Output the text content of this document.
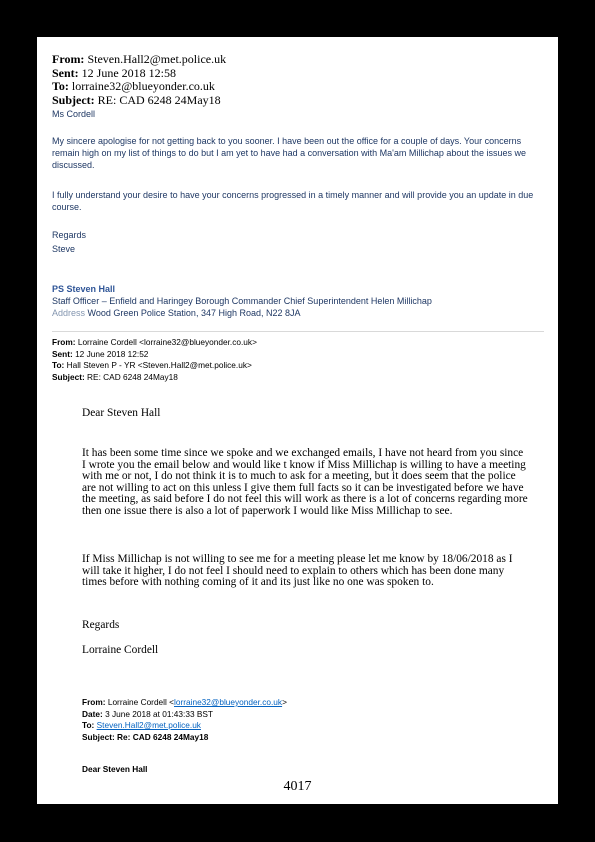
From: Steven.Hall2@met.police.uk
Sent: 12 June 2018 12:58
To: lorraine32@blueyonder.co.uk
Subject: RE: CAD 6248 24May18
Ms Cordell
My sincere apologise for not getting back to you sooner. I have been out the office for a couple of days. Your concerns remain high on my list of things to do but I am yet to have had a conversation with Ma'am Millichap about the issues we discussed.
I fully understand your desire to have your concerns progressed in a timely manner and will provide you an update in due course.
Regards
Steve
PS Steven Hall
Staff Officer – Enfield and Haringey Borough Commander Chief Superintendent Helen Millichap
Address Wood Green Police Station, 347 High Road, N22 8JA
From: Lorraine Cordell <lorraine32@blueyonder.co.uk>
Sent: 12 June 2018 12:52
To: Hall Steven P - YR <Steven.Hall2@met.police.uk>
Subject: RE: CAD 6248 24May18
Dear Steven Hall
It has been some time since we spoke and we exchanged emails, I have not heard from you since I wrote you the email below and would like t know if Miss Millichap is willing to have a meeting with me or not, I do not think it is to much to ask for a meeting, but it does seem that the police are not willing to act on this unless I give them full facts so it can be investigated before we have the meeting, as said before I do not feel this will work as there is a lot of concerns regarding more then one issue there is also a lot of paperwork I would like Miss Millichap to see.
If Miss Millichap is not willing to see me for a meeting please let me know by 18/06/2018 as I will take it higher, I do not feel I should need to explain to others which has been done many times before with nothing coming of it and its just like no one was spoken to.
Regards
Lorraine Cordell
From: Lorraine Cordell <lorraine32@blueyonder.co.uk>
Date: 3 June 2018 at 01:43:33 BST
To: Steven.Hall2@met.police.uk
Subject: Re: CAD 6248 24May18
Dear Steven Hall
4017
